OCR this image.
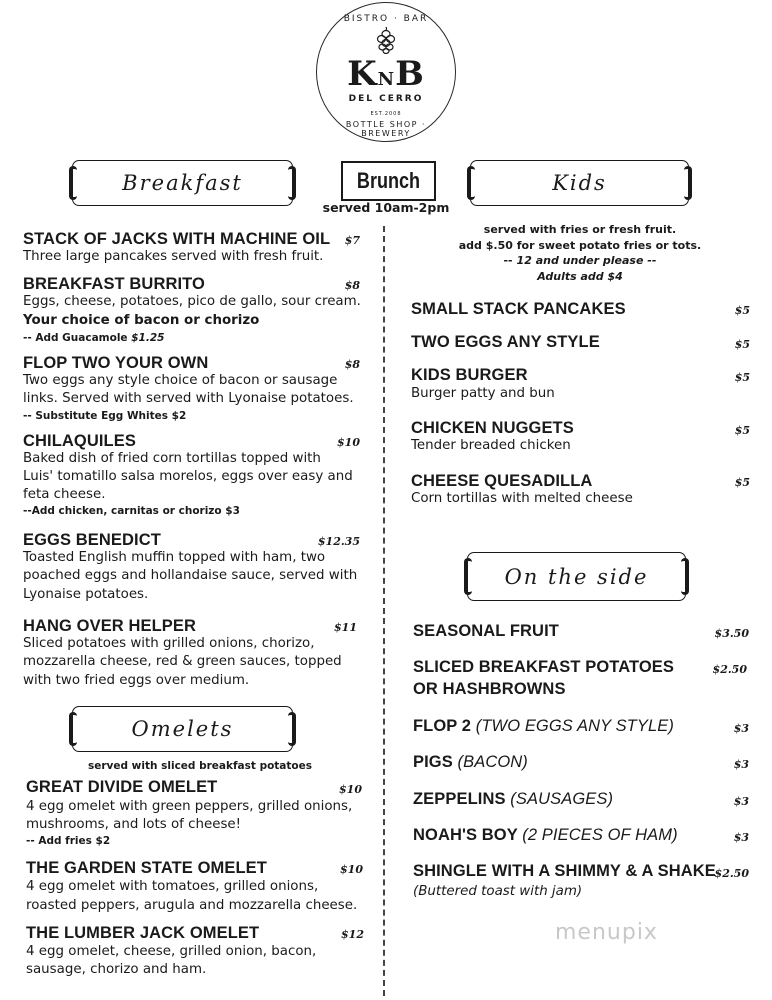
BISTRO · BAR
KNB
DEL CERRO
EST.2008
BOTTLE SHOP · BREWERY
Breakfast	Brunch
served 10am-2pm
Kids
Omelets
On the side
STACK OF JACKS WITH MACHINE OIL $7
Three large pancakes served with fresh fruit.
BREAKFAST BURRITO	$8
Eggs, cheese, potatoes, pico de gallo, sour cream.
Your choice of bacon or chorizo
-- Add Guacamole $1.25
FLOP TWO YOUR OWN	$8
Two eggs any style choice of bacon or sausage
links. Served with served with Lyonaise potatoes.
-- Substitute Egg Whites $2
CHILAQUILES	$10
Baked dish of fried corn tortillas topped with
Luis' tomatillo salsa morelos, eggs over easy and
feta cheese.
--Add chicken, carnitas or chorizo $3
EGGS BENEDICT	$12.35
Toasted English muffin topped with ham, two
poached eggs and hollandaise sauce, served with
Lyonaise potatoes.
HANG OVER HELPER	$11
Sliced potatoes with grilled onions, chorizo,
mozzarella cheese, red & green sauces, topped
with two fried eggs over medium.
served with sliced breakfast potatoes
GREAT DIVIDE OMELET	$10
4 egg omelet with green peppers, grilled onions,
mushrooms, and lots of cheese!
-- Add fries $2
THE GARDEN STATE OMELET	$10
4 egg omelet with tomatoes, grilled onions,
roasted peppers, arugula and mozzarella cheese.
THE LUMBER JACK OMELET	$12
4 egg omelet, cheese, grilled onion, bacon,
sausage, chorizo and ham.
served with fries or fresh fruit.
add $.50 for sweet potato fries or tots.
-- 12 and under please --
Adults add $4
SMALL STACK PANCAKES	$5
TWO EGGS ANY STYLE	$5
KIDS BURGER	$5
Burger patty and bun
CHICKEN NUGGETS	$5
Tender breaded chicken
CHEESE QUESADILLA	$5
Corn tortillas with melted cheese
SEASONAL FRUIT	$3.50
SLICED BREAKFAST POTATOES
OR HASHBROWNS
$2.50
FLOP 2 (TWO EGGS ANY STYLE)	$3
PIGS (BACON)	$3
ZEPPELINS (SAUSAGES)	$3
NOAH'S BOY (2 PIECES OF HAM)	$3
SHINGLE WITH A SHIMMY & A SHAKE
$2.50
(Buttered toast with jam)
menupix
